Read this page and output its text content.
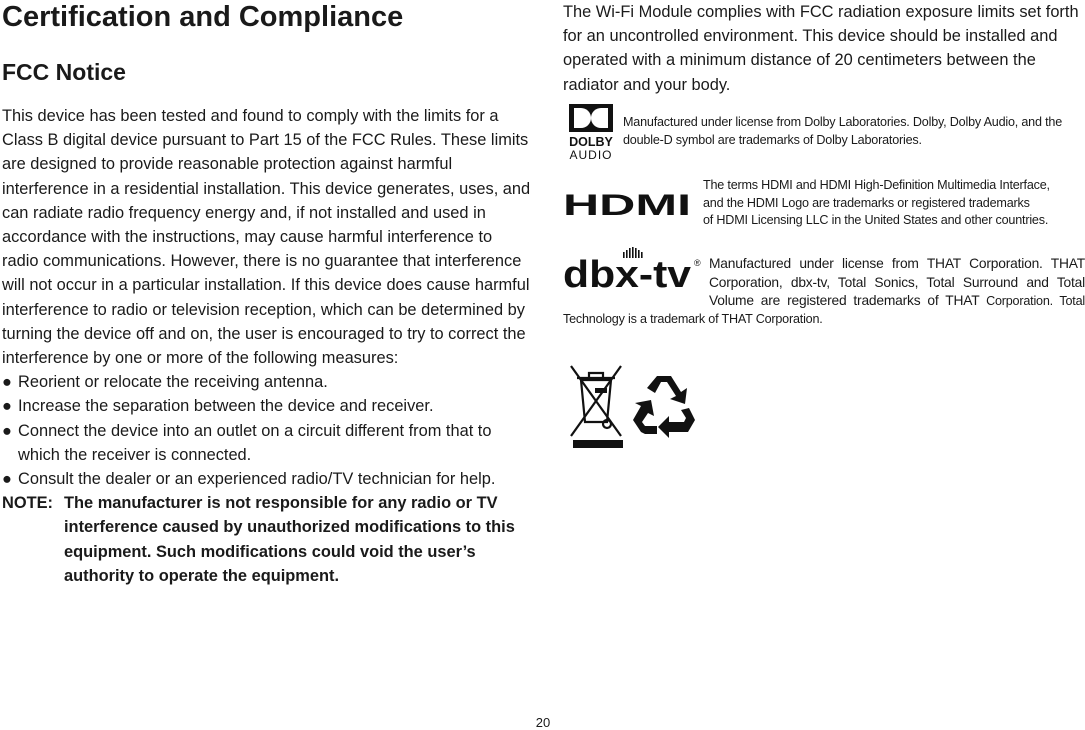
Certification and Compliance
FCC Notice

This device has been tested and found to comply with the limits for a Class B digital device pursuant to Part 15 of the FCC Rules. These limits are designed to provide reasonable protection against harmful interference in a residential installation. This device generates, uses, and can radiate radio frequency energy and, if not installed and used in accordance with the instructions, may cause harmful interference to radio communications. However, there is no guarantee that interference will not occur in a particular installation. If this device does cause harmful interference to radio or television reception, which can be determined by turning the device off and on, the user is encouraged to try to correct the interference by one or more of the following measures:

● Reorient or relocate the receiving antenna.
● Increase the separation between the device and receiver.
● Connect the device into an outlet on a circuit different from that to which the receiver is connected.
● Consult the dealer or an experienced radio/TV technician for help.
NOTE: The manufacturer is not responsible for any radio or TV interference caused by unauthorized modifications to this equipment. Such modifications could void the user’s authority to operate the equipment.

The Wi-Fi Module complies with FCC radiation exposure limits set forth for an uncontrolled environment. This device should be installed and operated with a minimum distance of 20 centimeters between the radiator and your body.

DOLBY
AUDIO

Manufactured under license from Dolby Laboratories. Dolby, Dolby Audio, and the double-D symbol are trademarks of Dolby Laboratories.

HDMI

The terms HDMI and HDMI High-Definition Multimedia Interface,

and the HDMI Logo are trademarks or registered trademarks

of HDMI Licensing LLC in the United States and other countries.

Manufactured under license from THAT Corporation. THAT Corporation, dbx-tv, Total Sonics, Total Surround and Total Volume are registered trademarks of THAT Corporation. Total Technology is a trademark of THAT Corporation.

dbx-tv ®
20
